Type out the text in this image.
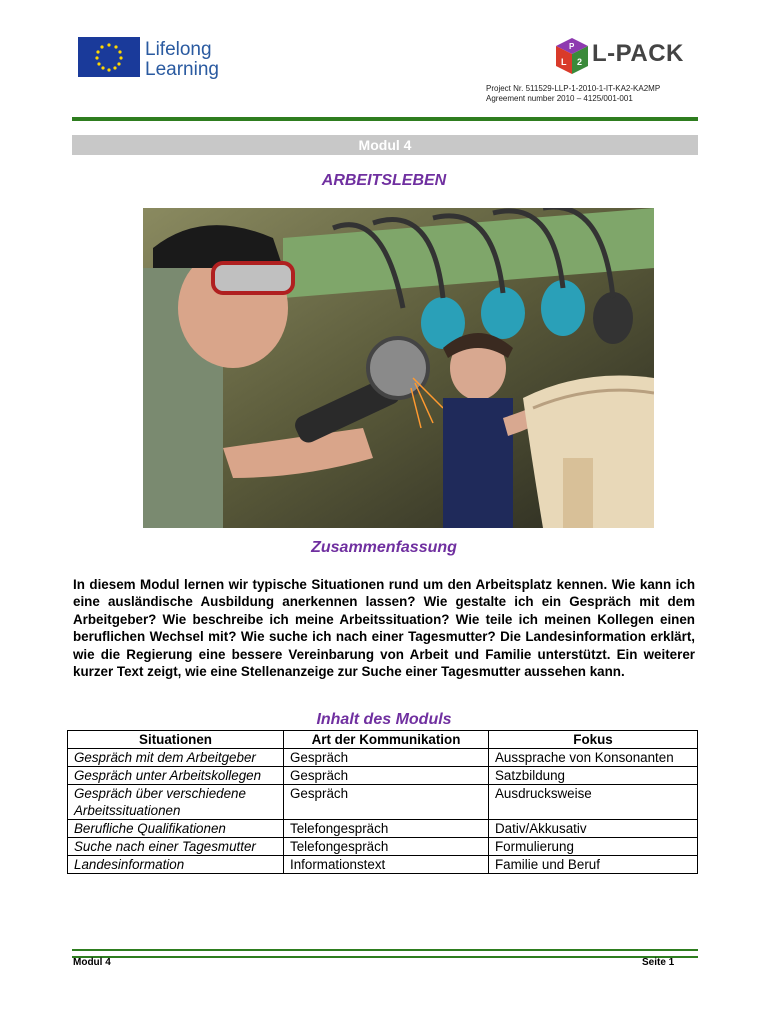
Lifelong
Learning
P
L 2 L-PACK
Project Nr. 511529-LLP-1-2010-1-IT-KA2-KA2MP
Agreement number 2010 – 4125/001-001
Modul 4
ARBEITSLEBEN
Zusammenfassung
In diesem Modul lernen wir typische Situationen rund um den Arbeitsplatz kennen. Wie kann ich eine ausländische Ausbildung anerkennen lassen? Wie gestalte ich ein Gespräch mit dem Arbeitgeber? Wie beschreibe ich meine Arbeitssituation? Wie teile ich meinen Kollegen einen beruflichen Wechsel mit? Wie suche ich nach einer Tagesmutter? Die Landesinformation erklärt, wie die Regierung eine bessere Vereinbarung von Arbeit und Familie unterstützt. Ein weiterer kurzer Text zeigt, wie eine Stellenanzeige zur Suche einer Tagesmutter aussehen kann.
Inhalt des Moduls
Situationen	Art der Kommunikation	Fokus
Gespräch mit dem Arbeitgeber	Gespräch	Aussprache von Konsonanten
Gespräch unter Arbeitskollegen	Gespräch	Satzbildung
Gespräch über verschiedene Arbeitssituationen	Gespräch	Ausdrucksweise
Berufliche Qualifikationen	Telefongespräch	Dativ/Akkusativ
Suche nach einer Tagesmutter	Telefongespräch	Formulierung
Landesinformation	Informationstext	Familie und Beruf
Modul 4	Seite 1
